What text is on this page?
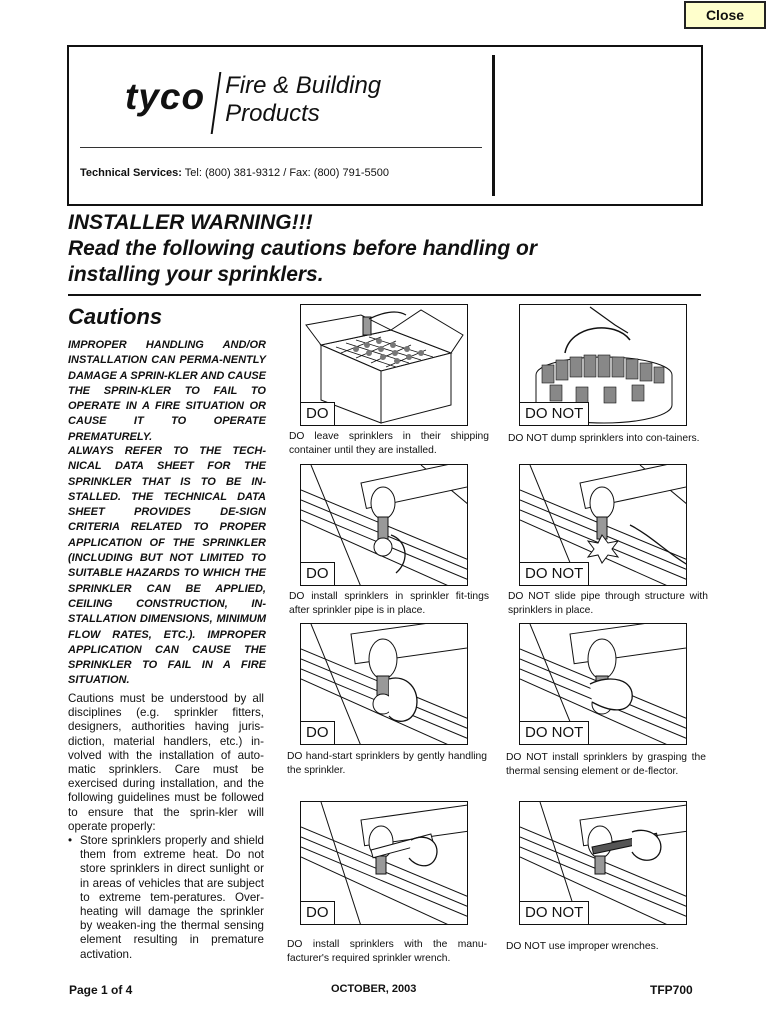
Close
tyco Fire & Building
Products
Technical Services: Tel: (800) 381-9312 / Fax: (800) 791-5500
INSTALLER WARNING!!!
Read the following cautions before handling or
installing your sprinklers.
Cautions
IMPROPER HANDLING AND/OR INSTALLATION CAN PERMA-NENTLY DAMAGE A SPRIN-KLER AND CAUSE THE SPRIN-KLER TO FAIL TO OPERATE IN A FIRE SITUATION OR CAUSE IT TO OPERATE PREMATURELY.
ALWAYS REFER TO THE TECH-NICAL DATA SHEET FOR THE SPRINKLER THAT IS TO BE IN-STALLED. THE TECHNICAL DATA SHEET PROVIDES DE-SIGN CRITERIA RELATED TO PROPER APPLICATION OF THE SPRINKLER (INCLUDING BUT NOT LIMITED TO SUITABLE HAZARDS TO WHICH THE SPRINKLER CAN BE APPLIED, CEILING CONSTRUCTION, IN-STALLATION DIMENSIONS, MINIMUM FLOW RATES, ETC.). IMPROPER APPLICATION CAN CAUSE THE SPRINKLER TO FAIL IN A FIRE SITUATION.
Cautions must be understood by all disciplines (e.g. sprinkler fitters, designers, authorities having juris-diction, material handlers, etc.) in-volved with the installation of auto-matic sprinklers. Care must be exercised during installation, and the following guidelines must be followed to ensure that the sprin-kler will operate properly:
• Store sprinklers properly and shield them from extreme heat. Do not store sprinklers in direct sunlight or in areas of vehicles that are subject to extreme tem-peratures. Over-heating will damage the sprinkler by weaken-ing the thermal sensing element resulting in premature activation.
DO
DO leave sprinklers in their shipping container until they are installed.
DO NOT
DO NOT dump sprinklers into con-tainers.
DO
DO install sprinklers in sprinkler fit-tings after sprinkler pipe is in place.
DO NOT
DO NOT slide pipe through structure with sprinklers in place.
DO
DO hand-start sprinklers by gently handling the sprinkler.
DO NOT
DO NOT install sprinklers by grasping the thermal sensing element or de-flector.
DO
DO install sprinklers with the manu-facturer's required sprinkler wrench.
DO NOT
DO NOT use improper wrenches.
Page 1 of 4	OCTOBER, 2003	TFP700
